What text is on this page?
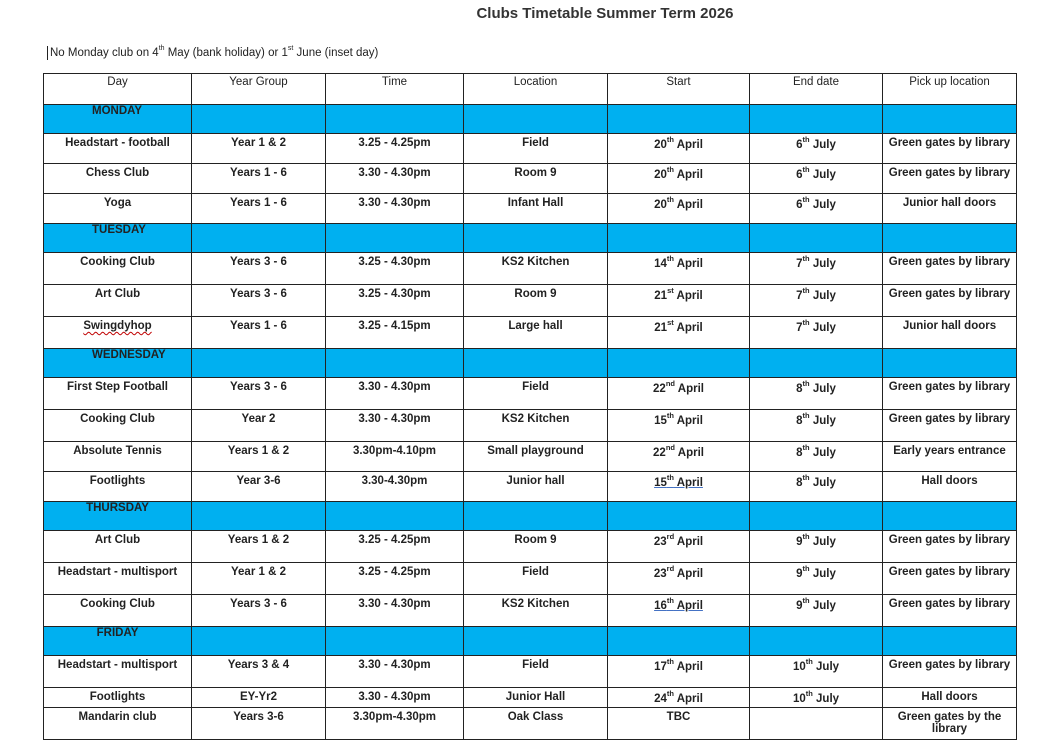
Clubs Timetable Summer Term 2026
No Monday club on 4th May (bank holiday) or 1st June (inset day)
Day	Year Group	Time	Location	Start	End date	Pick up location
MONDAY						

Headstart - football	Year 1 & 2	3.25 - 4.25pm	Field	20th April	6th July	Green gates by library

Chess Club	Years 1 - 6	3.30 - 4.30pm	Room 9	20th April	6th July	Green gates by library

Yoga	Years 1 - 6	3.30 - 4.30pm	Infant Hall	20th April	6th July	Junior hall doors

TUESDAY						

Cooking Club	Years 3 - 6	3.25 - 4.30pm	KS2 Kitchen	14th April	7th July	Green gates by library

Art Club	Years 3 - 6	3.25 - 4.30pm	Room 9	21st April	7th July	Green gates by library

Swingdyhop	Years 1 - 6	3.25 - 4.15pm	Large hall	21st April	7th July	Junior hall doors

WEDNESDAY						

First Step Football	Years 3 - 6	3.30 - 4.30pm	Field	22nd April	8th July	Green gates by library

Cooking Club	Year 2	3.30 - 4.30pm	KS2 Kitchen	15th April	8th July	Green gates by library

Absolute Tennis	Years 1 & 2	3.30pm-4.10pm	Small playground	22nd April	8th July	Early years entrance

Footlights	Year 3-6	3.30-4.30pm	Junior hall	15th April	8th July	Hall doors

THURSDAY						

Art Club	Years 1 & 2	3.25 - 4.25pm	Room 9	23rd April	9th July	Green gates by library

Headstart - multisport	Year 1 & 2	3.25 - 4.25pm	Field	23rd April	9th July	Green gates by library

Cooking Club	Years 3 - 6	3.30 - 4.30pm	KS2 Kitchen	16th April	9th July	Green gates by library

FRIDAY						

Headstart - multisport	Years 3 & 4	3.30 - 4.30pm	Field	17th April	10th July	Green gates by library

Footlights	EY-Yr2	3.30 - 4.30pm	Junior Hall	24th April	10th July	Hall doors

Mandarin club	Years 3-6	3.30pm-4.30pm	Oak Class	TBC		Green gates by the library
